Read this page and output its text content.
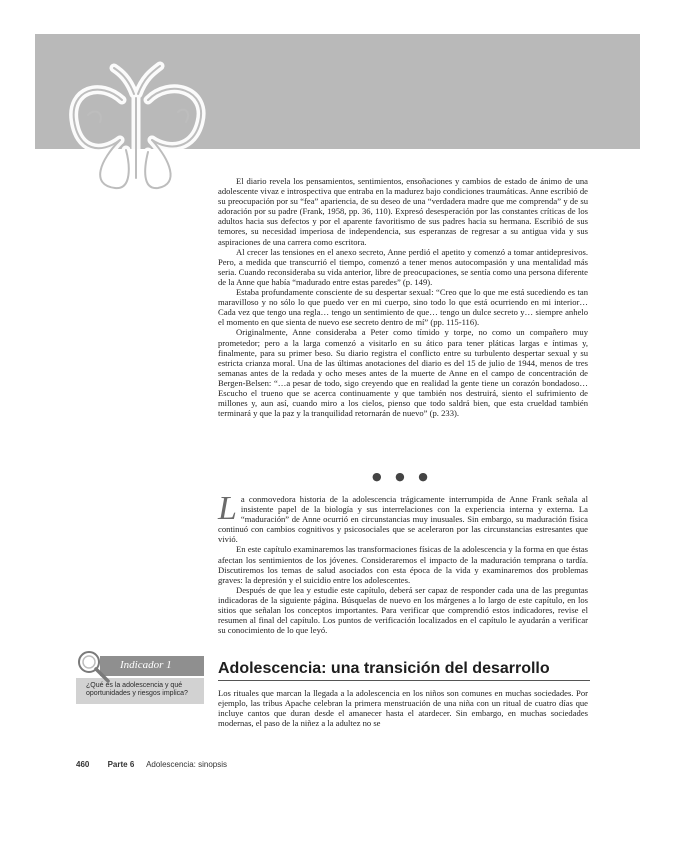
El diario revela los pensamientos, sentimientos, ensoñaciones y cambios de estado de ánimo de una adolescente vivaz e introspectiva que entraba en la madurez bajo condiciones traumáticas. Anne escribió de su preocupación por su “fea” apariencia, de su deseo de una “verdadera madre que me comprenda” y de su adoración por su padre (Frank, 1958, pp. 36, 110). Expresó desesperación por las constantes críticas de los adultos hacia sus defectos y por el aparente favoritismo de sus padres hacia su hermana. Escribió de sus temores, su necesidad imperiosa de independencia, sus esperanzas de regresar a su antigua vida y sus aspiraciones de una carrera como escritora.

Al crecer las tensiones en el anexo secreto, Anne perdió el apetito y comenzó a tomar antidepresivos. Pero, a medida que transcurrió el tiempo, comenzó a tener menos autocompasión y una mentalidad más seria. Cuando reconsideraba su vida anterior, libre de preocupaciones, se sentía como una persona diferente de la Anne que había “madurado entre estas paredes” (p. 149).

Estaba profundamente consciente de su despertar sexual: “Creo que lo que me está sucediendo es tan maravilloso y no sólo lo que puedo ver en mi cuerpo, sino todo lo que está ocurriendo en mi interior… Cada vez que tengo una regla… tengo un sentimiento de que… tengo un dulce secreto y… siempre anhelo el momento en que sienta de nuevo ese secreto dentro de mí” (pp. 115-116).

Originalmente, Anne consideraba a Peter como tímido y torpe, no como un compañero muy prometedor; pero a la larga comenzó a visitarlo en su ático para tener pláticas largas e íntimas y, finalmente, para su primer beso. Su diario registra el conflicto entre su turbulento despertar sexual y su estricta crianza moral. Una de las últimas anotaciones del diario es del 15 de julio de 1944, menos de tres semanas antes de la redada y ocho meses antes de la muerte de Anne en el campo de concentración de Bergen-Belsen: “…a pesar de todo, sigo creyendo que en realidad la gente tiene un corazón bondadoso… Escucho el trueno que se acerca continuamente y que también nos destruirá, siento el sufrimiento de millones y, aun así, cuando miro a los cielos, pienso que todo saldrá bien, que esta crueldad también terminará y que la paz y la tranquilidad retornarán de nuevo” (p. 233).

● ● ●

La conmovedora historia de la adolescencia trágicamente interrumpida de Anne Frank señala al insistente papel de la biología y sus interrelaciones con la experiencia interna y externa. La “maduración” de Anne ocurrió en circunstancias muy inusuales. Sin embargo, su maduración física continuó con cambios cognitivos y psicosociales que se aceleraron por las circunstancias estresantes que vivió.

En este capítulo examinaremos las transformaciones físicas de la adolescencia y la forma en que éstas afectan los sentimientos de los jóvenes. Consideraremos el impacto de la maduración temprana o tardía. Discutiremos los temas de salud asociados con esta época de la vida y examinaremos dos problemas graves: la depresión y el suicidio entre los adolescentes.

Después de que lea y estudie este capítulo, deberá ser capaz de responder cada una de las preguntas indicadoras de la siguiente página. Búsquelas de nuevo en los márgenes a lo largo de este capítulo, en los sitios que señalan los conceptos importantes. Para verificar que comprendió estos indicadores, revise el resumen al final del capítulo. Los puntos de verificación localizados en el capítulo le ayudarán a verificar su conocimiento de lo que leyó.

Indicador 1
¿Qué es la adolescencia y qué oportunidades y riesgos implica?
Adolescencia: una transición del desarrollo

Los rituales que marcan la llegada a la adolescencia en los niños son comunes en muchas sociedades. Por ejemplo, las tribus Apache celebran la primera menstruación de una niña con un ritual de cuatro días que incluye cantos que duran desde el amanecer hasta el atardecer. Sin embargo, en muchas sociedades modernas, el paso de la niñez a la adultez no se

460 Parte 6 Adolescencia: sinopsis
